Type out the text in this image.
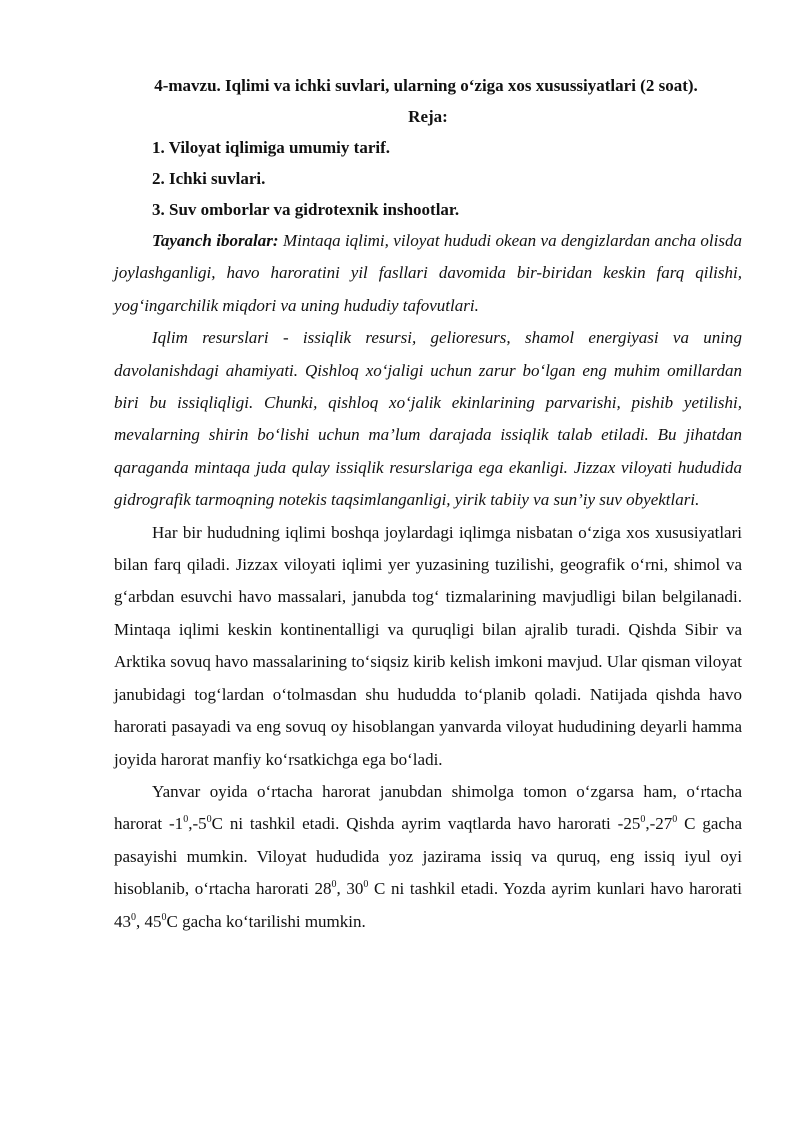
4-mavzu. Iqlimi va ichki suvlari, ularning o‘ziga xos xusussiyatlari (2 soat).
Reja:
1. Viloyat iqlimiga umumiy tarif.
2. Ichki suvlari.
3. Suv omborlar va gidrotexnik inshootlar.

Tayanch iboralar: Mintaqa iqlimi, viloyat hududi okean va dengizlardan ancha olisda joylashganligi, havo haroratini yil fasllari davomida bir-biridan keskin farq qilishi, yog‘ingarchilik miqdori va uning hududiy tafovutlari.

Iqlim resurslari - issiqlik resursi, gelioresurs, shamol energiyasi va uning davolanishdagi ahamiyati. Qishloq xo‘jaligi uchun zarur bo‘lgan eng muhim omillardan biri bu issiqliqligi. Chunki, qishloq xo‘jalik ekinlarining parvarishi, pishib yetilishi, mevalarning shirin bo‘lishi uchun ma’lum darajada issiqlik talab etiladi. Bu jihatdan qaraganda mintaqa juda qulay issiqlik resurslariga ega ekanligi. Jizzax viloyati hududida gidrografik tarmoqning notekis taqsimlanganligi, yirik tabiiy va sun’iy suv obyektlari.

Har bir hududning iqlimi boshqa joylardagi iqlimga nisbatan o‘ziga xos xususiyatlari bilan farq qiladi. Jizzax viloyati iqlimi yer yuzasining tuzilishi, geografik o‘rni, shimol va g‘arbdan esuvchi havo massalari, janubda tog‘ tizmalarining mavjudligi bilan belgilanadi. Mintaqa iqlimi keskin kontinentalligi va quruqligi bilan ajralib turadi. Qishda Sibir va Arktika sovuq havo massalarining to‘siqsiz kirib kelish imkoni mavjud. Ular qisman viloyat janubidagi tog‘lardan o‘tolmasdan shu hududda to‘planib qoladi. Natijada qishda havo harorati pasayadi va eng sovuq oy hisoblangan yanvarda viloyat hududining deyarli hamma joyida harorat manfiy ko‘rsatkichga ega bo‘ladi.

Yanvar oyida o‘rtacha harorat janubdan shimolga tomon o‘zgarsa ham, o‘rtacha harorat $-1^0,-5^0C$ ni tashkil etadi. Qishda ayrim vaqtlarda havo harorati $-25^0,-27^0$ C gacha pasayishi mumkin. Viloyat hududida yoz jazirama issiq va quruq, eng issiq iyul oyi hisoblanib, o‘rtacha harorati $28^0$, $30^0$ C ni tashkil etadi. Yozda ayrim kunlari havo harorati $43^0$, $45^0C$ gacha ko‘tarilishi mumkin.
